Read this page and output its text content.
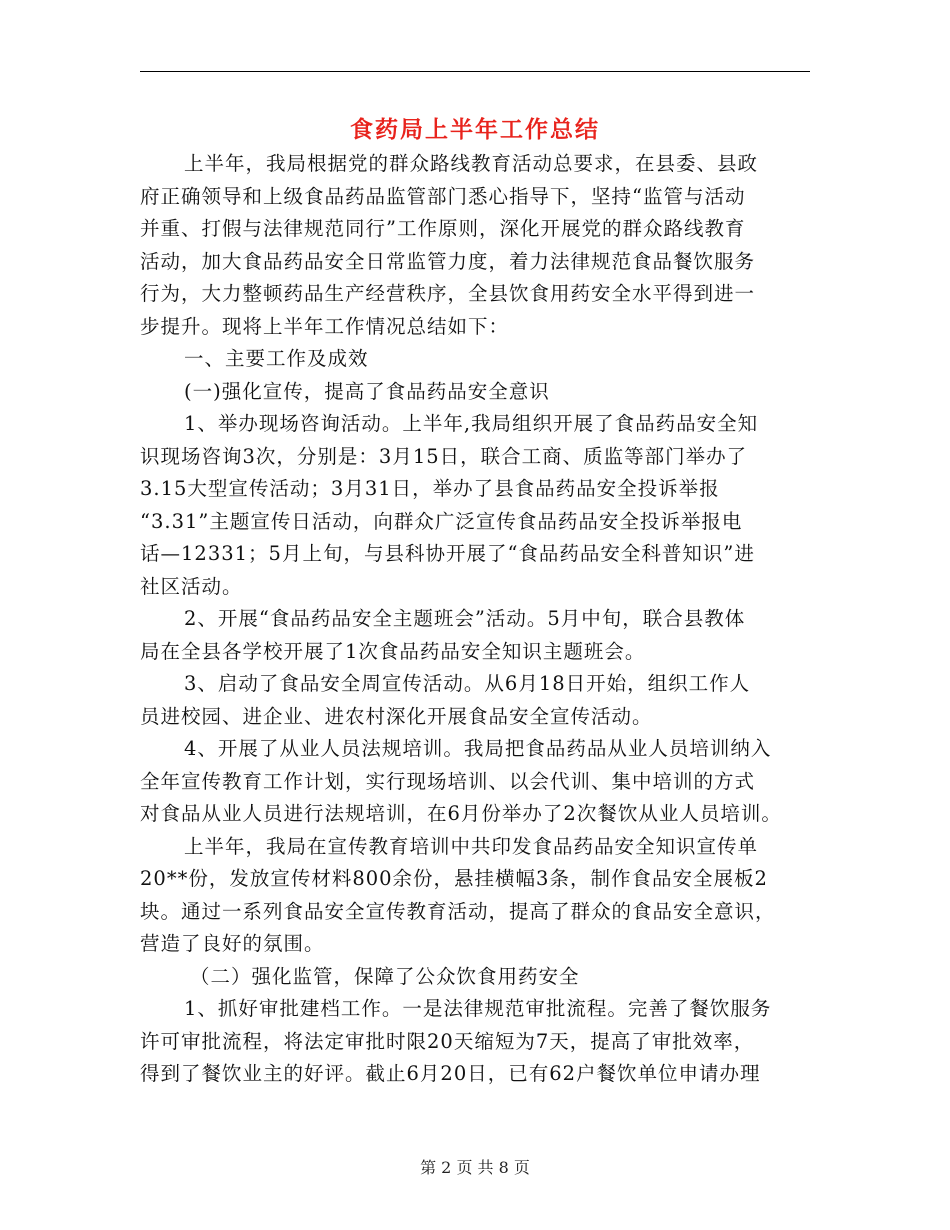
食药局上半年工作总结
上半年，我局根据党的群众路线教育活动总要求，在县委、县政
府正确领导和上级食品药品监管部门悉心指导下，坚持“监管与活动
并重、打假与法律规范同行”工作原则，深化开展党的群众路线教育
活动，加大食品药品安全日常监管力度，着力法律规范食品餐饮服务
行为，大力整顿药品生产经营秩序，全县饮食用药安全水平得到进一
步提升。现将上半年工作情况总结如下：
一、主要工作及成效
(一)强化宣传，提高了食品药品安全意识
1、举办现场咨询活动。上半年,我局组织开展了食品药品安全知
识现场咨询3次，分别是：3月15日，联合工商、质监等部门举办了
3.15大型宣传活动；3月31日，举办了县食品药品安全投诉举报
“3.31”主题宣传日活动，向群众广泛宣传食品药品安全投诉举报电
话—12331；5月上旬，与县科协开展了“食品药品安全科普知识”进
社区活动。
2、开展“食品药品安全主题班会”活动。5月中旬，联合县教体
局在全县各学校开展了1次食品药品安全知识主题班会。
3、启动了食品安全周宣传活动。从6月18日开始，组织工作人
员进校园、进企业、进农村深化开展食品安全宣传活动。
4、开展了从业人员法规培训。我局把食品药品从业人员培训纳入
全年宣传教育工作计划，实行现场培训、以会代训、集中培训的方式
对食品从业人员进行法规培训，在6月份举办了2次餐饮从业人员培训。
上半年，我局在宣传教育培训中共印发食品药品安全知识宣传单
20**份，发放宣传材料800余份，悬挂横幅3条，制作食品安全展板2
块。通过一系列食品安全宣传教育活动，提高了群众的食品安全意识，
营造了良好的氛围。
（二）强化监管，保障了公众饮食用药安全
1、抓好审批建档工作。一是法律规范审批流程。完善了餐饮服务
许可审批流程，将法定审批时限20天缩短为7天，提高了审批效率，
得到了餐饮业主的好评。截止6月20日，已有62户餐饮单位申请办理
第 2 页 共 8 页
